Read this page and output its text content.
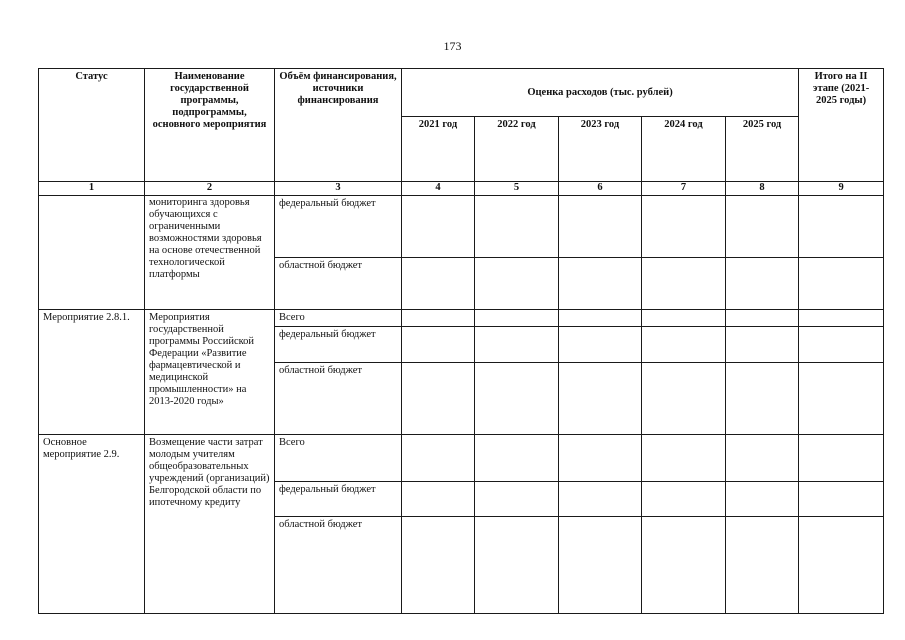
173
Статус	Наименование государственной программы, подпрограммы, основного мероприятия	Объём финансирования, источники финансирования	Оценка расходов (тыс. рублей)					Итого на II этапе (2021-2025 годы)
			2021 год	2022 год	2023 год	2024 год	2025 год	
1	2	3	4	5	6	7	8	9
	мониторинга здоровья обучающихся с ограниченными возможностями здоровья на основе отечественной технологической платформы	федеральный бюджет						
		областной бюджет						
Мероприятие 2.8.1.	Мероприятия государственной программы Российской Федерации «Развитие фармацевтической и медицинской промышленности» на 2013-2020 годы»	Всего						
		федеральный бюджет						
		областной бюджет						
Основное мероприятие 2.9.	Возмещение части затрат молодым учителям общеобразовательных учреждений (организаций) Белгородской области по ипотечному кредиту	Всего						
		федеральный бюджет						
		областной бюджет						
